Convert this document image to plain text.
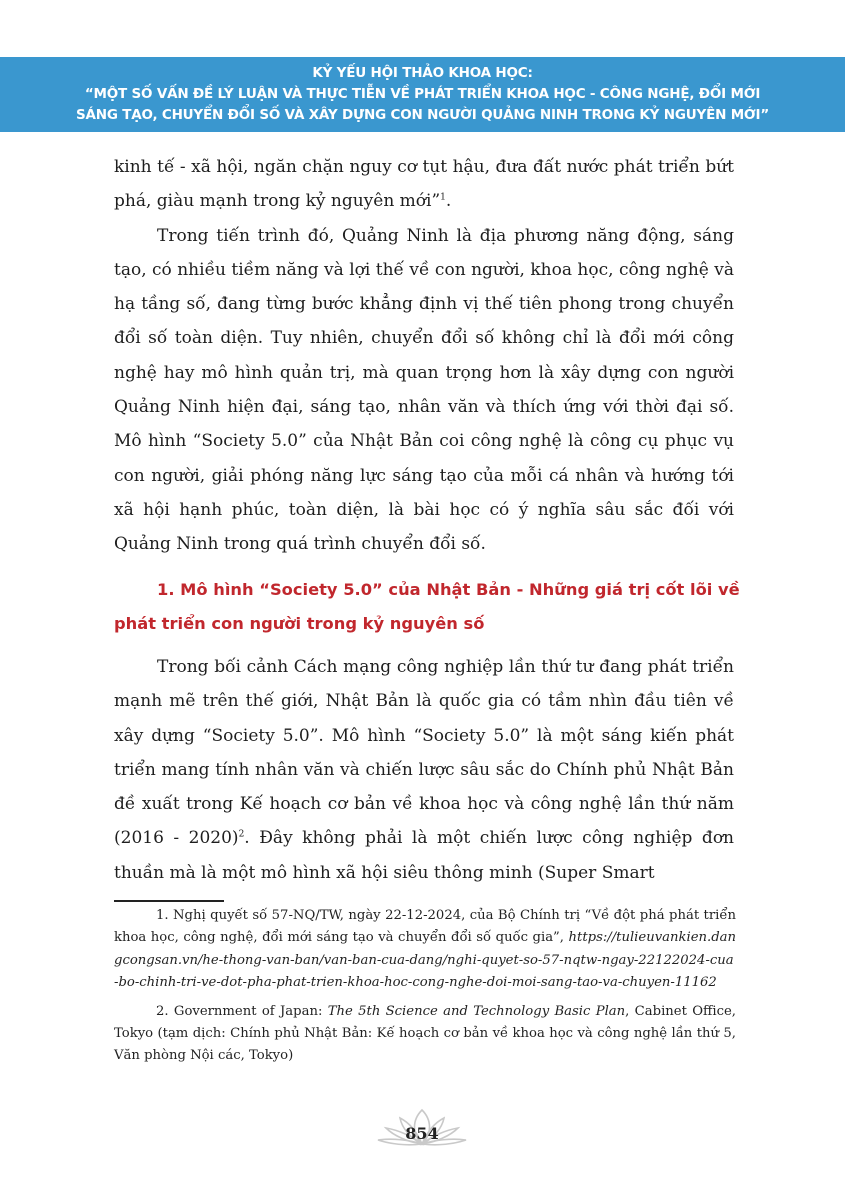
KỶ YẾU HỘI THẢO KHOA HỌC:
“MỘT SỐ VẤN ĐỀ LÝ LUẬN VÀ THỰC TIỄN VỀ PHÁT TRIỂN KHOA HỌC - CÔNG NGHỆ, ĐỔI MỚI
SÁNG TẠO, CHUYỂN ĐỔI SỐ VÀ XÂY DỰNG CON NGƯỜI QUẢNG NINH TRONG KỶ NGUYÊN MỚI”

kinh tế - xã hội, ngăn chặn nguy cơ tụt hậu, đưa đất nước phát triển bứt phá, giàu mạnh trong kỷ nguyên mới”$^1$.

Trong tiến trình đó, Quảng Ninh là địa phương năng động, sáng tạo, có nhiều tiềm năng và lợi thế về con người, khoa học, công nghệ và hạ tầng số, đang từng bước khẳng định vị thế tiên phong trong chuyển đổi số toàn diện. Tuy nhiên, chuyển đổi số không chỉ là đổi mới công nghệ hay mô hình quản trị, mà quan trọng hơn là xây dựng con người Quảng Ninh hiện đại, sáng tạo, nhân văn và thích ứng với thời đại số. Mô hình “Society 5.0” của Nhật Bản coi công nghệ là công cụ phục vụ con người, giải phóng năng lực sáng tạo của mỗi cá nhân và hướng tới xã hội hạnh phúc, toàn diện, là bài học có ý nghĩa sâu sắc đối với Quảng Ninh trong quá trình chuyển đổi số.

1. Mô hình “Society 5.0” của Nhật Bản - Những giá trị cốt lõi về
phát triển con người trong kỷ nguyên số

Trong bối cảnh Cách mạng công nghiệp lần thứ tư đang phát triển mạnh mẽ trên thế giới, Nhật Bản là quốc gia có tầm nhìn đầu tiên về xây dựng “Society 5.0”. Mô hình “Society 5.0” là một sáng kiến phát triển mang tính nhân văn và chiến lược sâu sắc do Chính phủ Nhật Bản đề xuất trong Kế hoạch cơ bản về khoa học và công nghệ lần thứ năm (2016 - 2020)$^2$. Đây không phải là một chiến lược công nghiệp đơn thuần mà là một mô hình xã hội siêu thông minh (Super Smart

1. Nghị quyết số 57-NQ/TW, ngày 22-12-2024, của Bộ Chính trị “Về đột phá phát triển khoa học, công nghệ, đổi mới sáng tạo và chuyển đổi số quốc gia”, https://tulieuvankien.dangcongsan.vn/he-thong-van-ban/van-ban-cua-dang/nghi-quyet-so-57-nqtw-ngay-22122024-cua-bo-chinh-tri-ve-dot-pha-phat-trien-khoa-hoc-cong-nghe-doi-moi-sang-tao-va-chuyen-11162

2. Government of Japan: The 5th Science and Technology Basic Plan, Cabinet Office, Tokyo (tạm dịch: Chính phủ Nhật Bản: Kế hoạch cơ bản về khoa học và công nghệ lần thứ 5, Văn phòng Nội các, Tokyo)

854
